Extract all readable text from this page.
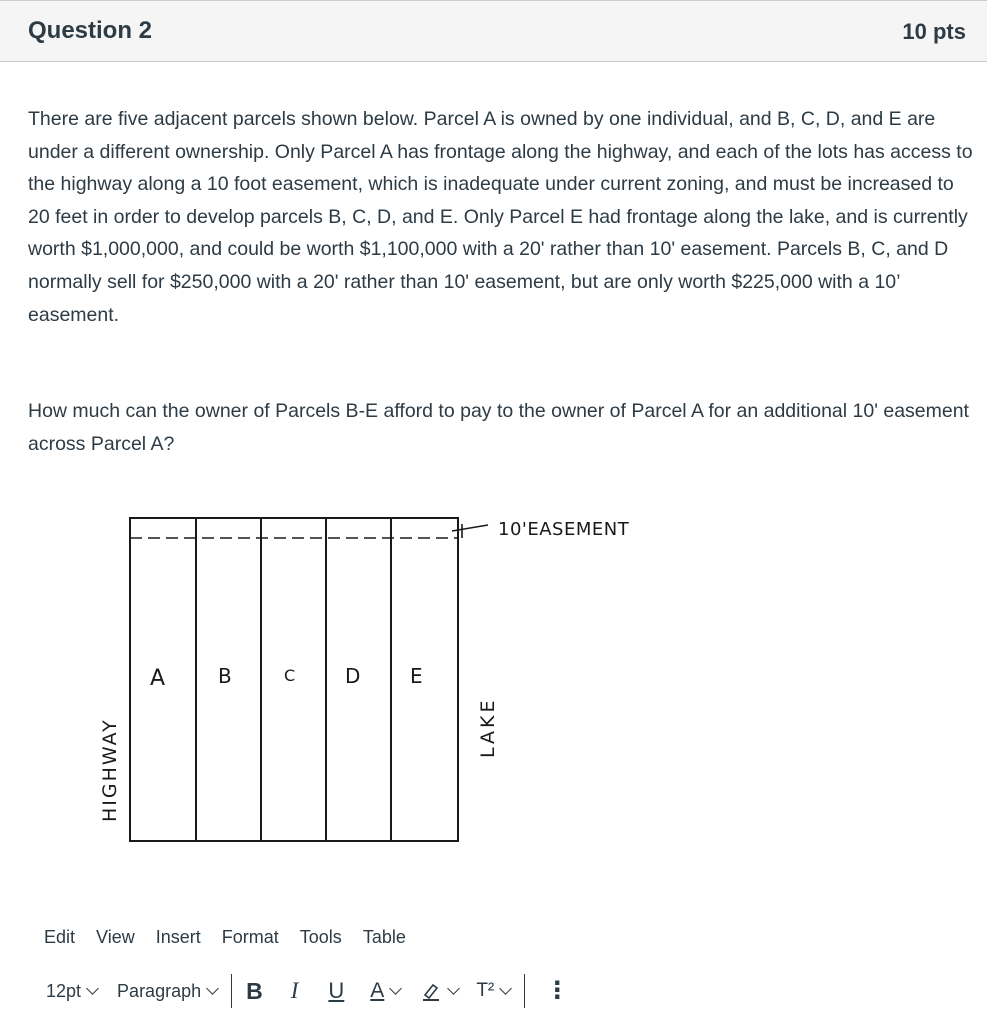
Question 2	10 pts

There are five adjacent parcels shown below. Parcel A is owned by one individual, and B, C, D, and E are under a different ownership. Only Parcel A has frontage along the highway, and each of the lots has access to the highway along a 10 foot easement, which is inadequate under current zoning, and must be increased to 20 feet in order to develop parcels B, C, D, and E. Only Parcel E had frontage along the lake, and is currently worth $1,000,000, and could be worth $1,100,000 with a 20' rather than 10' easement. Parcels B, C, and D normally sell for $250,000 with a 20' rather than 10' easement, but are only worth $225,000 with a 10’ easement.

How much can the owner of Parcels B-E afford to pay to the owner of Parcel A for an additional 10' easement across Parcel A?

A	B	C D E
10'EASEMENT
HIGHWAY	LAKE
Edit View Insert Format Tools Table
12pt Paragraph B I U A	T² ⋮
